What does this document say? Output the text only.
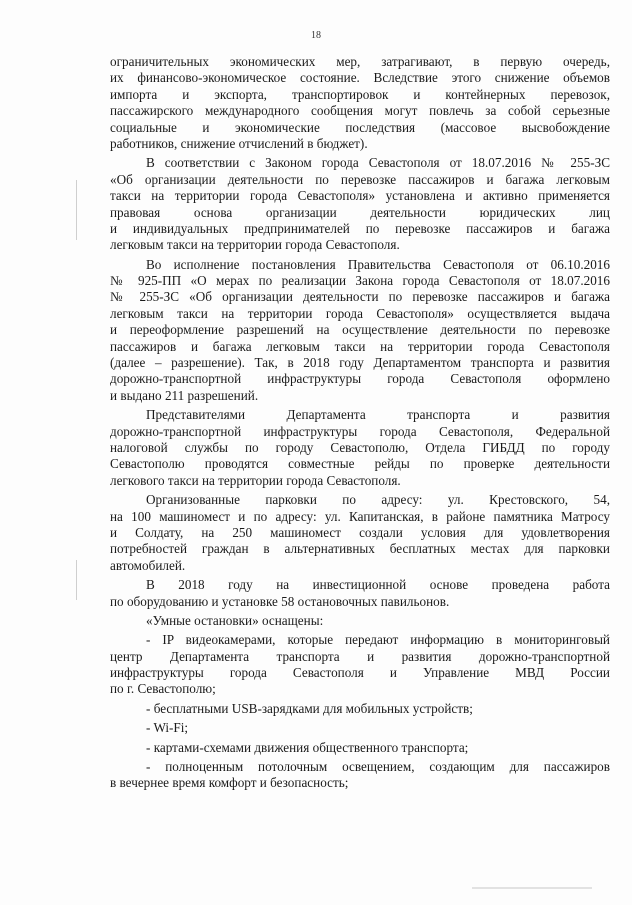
18
ограничительных экономических мер, затрагивают, в первую очередь,
их финансово-экономическое состояние. Вследствие этого снижение объемов
импорта и экспорта, транспортировок и контейнерных перевозок,
пассажирского международного сообщения могут повлечь за собой серьезные
социальные и экономические последствия (массовое высвобождение
работников, снижение отчислений в бюджет).
В соответствии с Законом города Севастополя от 18.07.2016 № 255-ЗС
«Об организации деятельности по перевозке пассажиров и багажа легковым
такси на территории города Севастополя» установлена и активно применяется
правовая основа организации деятельности юридических лиц
и индивидуальных предпринимателей по перевозке пассажиров и багажа
легковым такси на территории города Севастополя.
Во исполнение постановления Правительства Севастополя от 06.10.2016
№ 925-ПП «О мерах по реализации Закона города Севастополя от 18.07.2016
№ 255-ЗС «Об организации деятельности по перевозке пассажиров и багажа
легковым такси на территории города Севастополя» осуществляется выдача
и переоформление разрешений на осуществление деятельности по перевозке
пассажиров и багажа легковым такси на территории города Севастополя
(далее – разрешение). Так, в 2018 году Департаментом транспорта и развития
дорожно-транспортной инфраструктуры города Севастополя оформлено
и выдано 211 разрешений.
Представителями Департамента транспорта и развития
дорожно-транспортной инфраструктуры города Севастополя, Федеральной
налоговой службы по городу Севастополю, Отдела ГИБДД по городу
Севастополю проводятся совместные рейды по проверке деятельности
легкового такси на территории города Севастополя.
Организованные парковки по адресу: ул. Крестовского, 54,
на 100 машиномест и по адресу: ул. Капитанская, в районе памятника Матросу
и Солдату, на 250 машиномест создали условия для удовлетворения
потребностей граждан в альтернативных бесплатных местах для парковки
автомобилей.
В 2018 году на инвестиционной основе проведена работа
по оборудованию и установке 58 остановочных павильонов.
«Умные остановки» оснащены:
- IP видеокамерами, которые передают информацию в мониторинговый
центр Департамента транспорта и развития дорожно-транспортной
инфраструктуры города Севастополя и Управление МВД России
по г. Севастополю;
- бесплатными USB-зарядками для мобильных устройств;
- Wi-Fi;
- картами-схемами движения общественного транспорта;
- полноценным потолочным освещением, создающим для пассажиров
в вечернее время комфорт и безопасность;
